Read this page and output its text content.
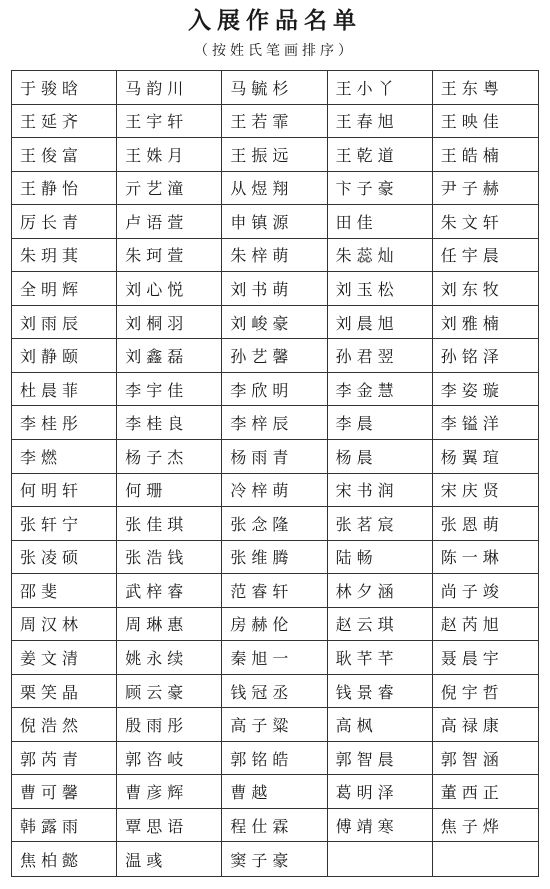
入展作品名单
（按姓氏笔画排序）
于骏晗	马韵川	马毓杉	王小丫	王东粤
王延齐	王宇轩	王若霏	王春旭	王映佳
王俊富	王姝月	王振远	王乾道	王皓楠
王静怡	亓艺潼	从煜翔	卞子豪	尹子赫
厉长青	卢语萱	申镇源	田佳	朱文轩
朱玥萁	朱珂萱	朱梓萌	朱蕊灿	任宇晨
全明辉	刘心悦	刘书萌	刘玉松	刘东牧
刘雨辰	刘桐羽	刘峻豪	刘晨旭	刘雅楠
刘静颐	刘鑫磊	孙艺馨	孙君翌	孙铭泽
杜晨菲	李宇佳	李欣明	李金慧	李姿璇
李桂彤	李桂良	李梓辰	李晨	李镒洋
李燃	杨子杰	杨雨青	杨晨	杨翼瑄
何明轩	何珊	冷梓萌	宋书润	宋庆贤
张轩宁	张佳琪	张念隆	张茗宸	张恩萌
张凌硕	张浩钱	张维腾	陆畅	陈一琳
邵斐	武梓睿	范睿轩	林夕涵	尚子竣
周汉林	周琳惠	房赫伦	赵云琪	赵芮旭
姜文清	姚永续	秦旭一	耿芊芊	聂晨宇
栗笑晶	顾云豪	钱冠丞	钱景睿	倪宇哲
倪浩然	殷雨彤	高子粱	高枫	高禄康
郭芮青	郭咨岐	郭铭皓	郭智晨	郭智涵
曹可馨	曹彦辉	曹越	葛明泽	董西正
韩露雨	覃思语	程仕霖	傅靖寒	焦子烨
焦柏懿	温彧	窦子豪
